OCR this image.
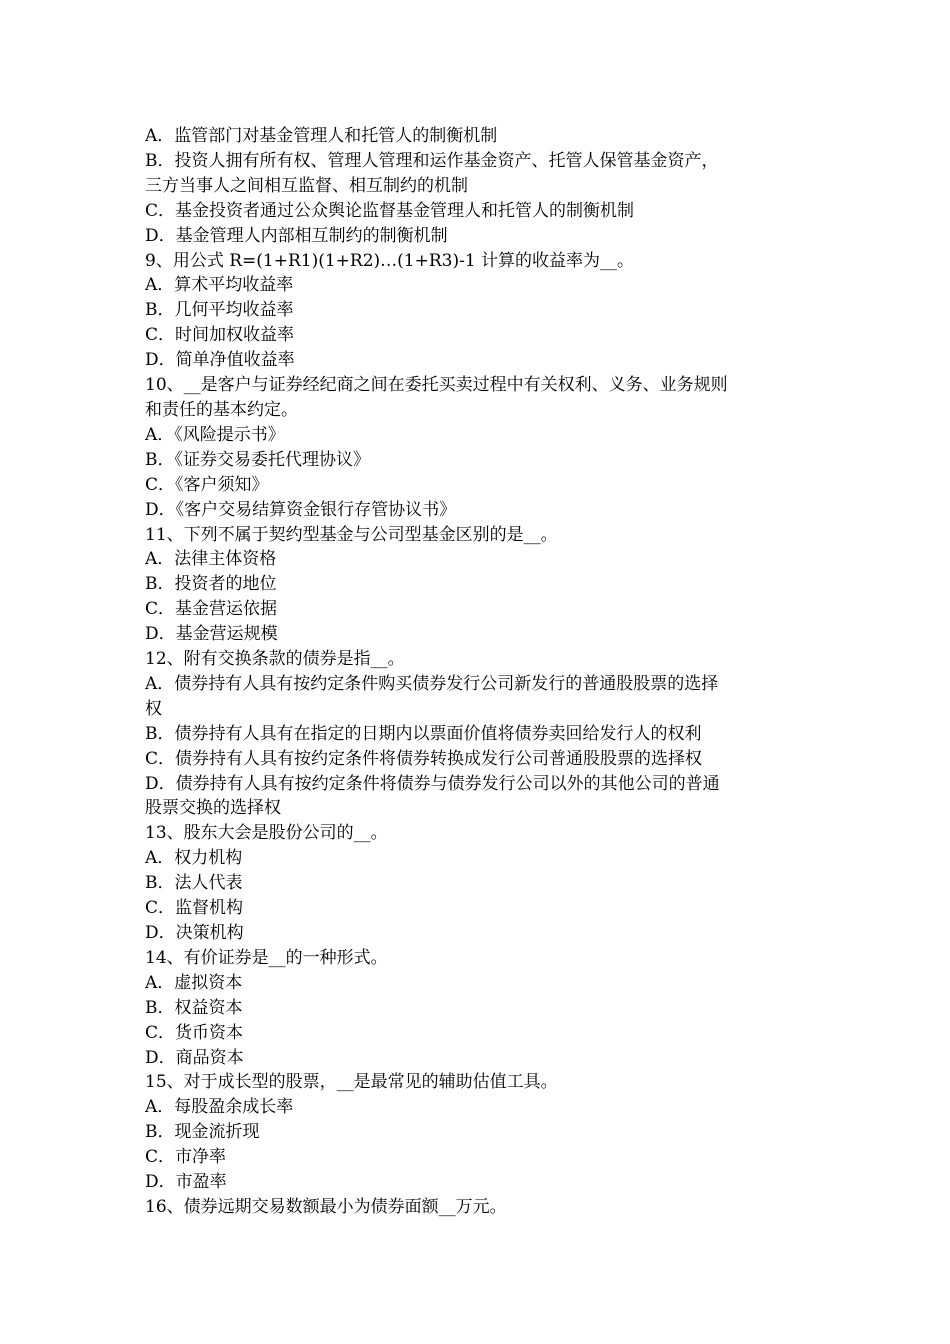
A．监管部门对基金管理人和托管人的制衡机制
B．投资人拥有所有权、管理人管理和运作基金资产、托管人保管基金资产，
三方当事人之间相互监督、相互制约的机制
C．基金投资者通过公众舆论监督基金管理人和托管人的制衡机制
D．基金管理人内部相互制约的制衡机制
9、用公式 R=(1+R1)(1+R2)…(1+R3)-1 计算的收益率为__。
A．算术平均收益率
B．几何平均收益率
C．时间加权收益率
D．简单净值收益率
10、__是客户与证券经纪商之间在委托买卖过程中有关权利、义务、业务规则
和责任的基本约定。
A．《风险提示书》
B．《证券交易委托代理协议》
C．《客户须知》
D．《客户交易结算资金银行存管协议书》
11、下列不属于契约型基金与公司型基金区别的是__。
A．法律主体资格
B．投资者的地位
C．基金营运依据
D．基金营运规模
12、附有交换条款的债券是指__。
A．债券持有人具有按约定条件购买债券发行公司新发行的普通股股票的选择
权
B．债券持有人具有在指定的日期内以票面价值将债券卖回给发行人的权利
C．债券持有人具有按约定条件将债券转换成发行公司普通股股票的选择权
D．债券持有人具有按约定条件将债券与债券发行公司以外的其他公司的普通
股票交换的选择权
13、股东大会是股份公司的__。
A．权力机构
B．法人代表
C．监督机构
D．决策机构
14、有价证券是__的一种形式。
A．虚拟资本
B．权益资本
C．货币资本
D．商品资本
15、对于成长型的股票，__是最常见的辅助估值工具。
A．每股盈余成长率
B．现金流折现
C．市净率
D．市盈率
16、债券远期交易数额最小为债券面额__万元。
